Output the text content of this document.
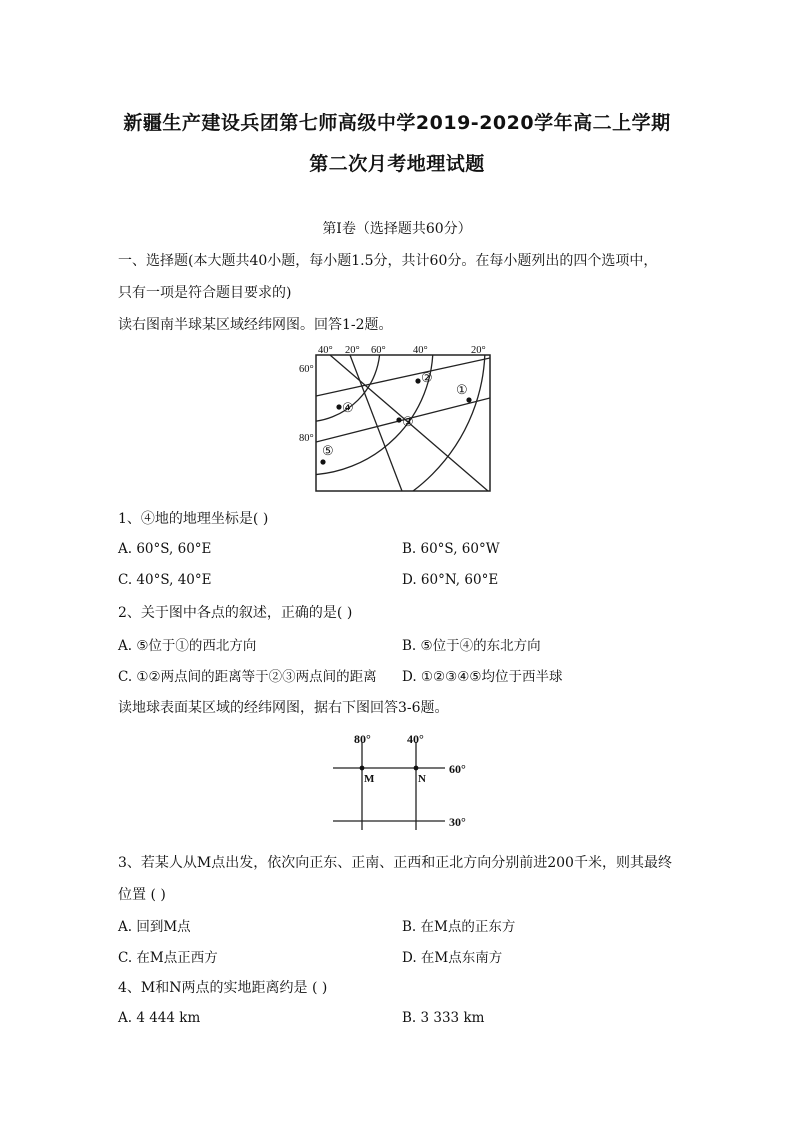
新疆生产建设兵团第七师高级中学2019-2020学年高二上学期
第二次月考地理试题
第Ⅰ卷（选择题共60分）
一、选择题(本大题共40小题，每小题1.5分，共计60分。在每小题列出的四个选项中，
只有一项是符合题目要求的)
读右图南半球某区域经纬网图。回答1-2题。
40° 20° 60°	40°	20°
60°
80°
①
②
③
④
⑤
1、④地的地理坐标是( )
A. 60°S, 60°E	B. 60°S, 60°W
C. 40°S, 40°E	D. 60°N, 60°E
2、关于图中各点的叙述，正确的是( )
A. ⑤位于①的西北方向	B. ⑤位于④的东北方向
C. ①②两点间的距离等于②③两点间的距离 D. ①②③④⑤均位于西半球
读地球表面某区域的经纬网图，据右下图回答3-6题。
80°	40°
60°
30°
M	N
3、若某人从M点出发，依次向正东、正南、正西和正北方向分别前进200千米，则其最终
位置 ( )
A. 回到M点	B. 在M点的正东方
C. 在M点正西方	D. 在M点东南方
4、M和N两点的实地距离约是 ( )
A. 4 444 km	B. 3 333 km
